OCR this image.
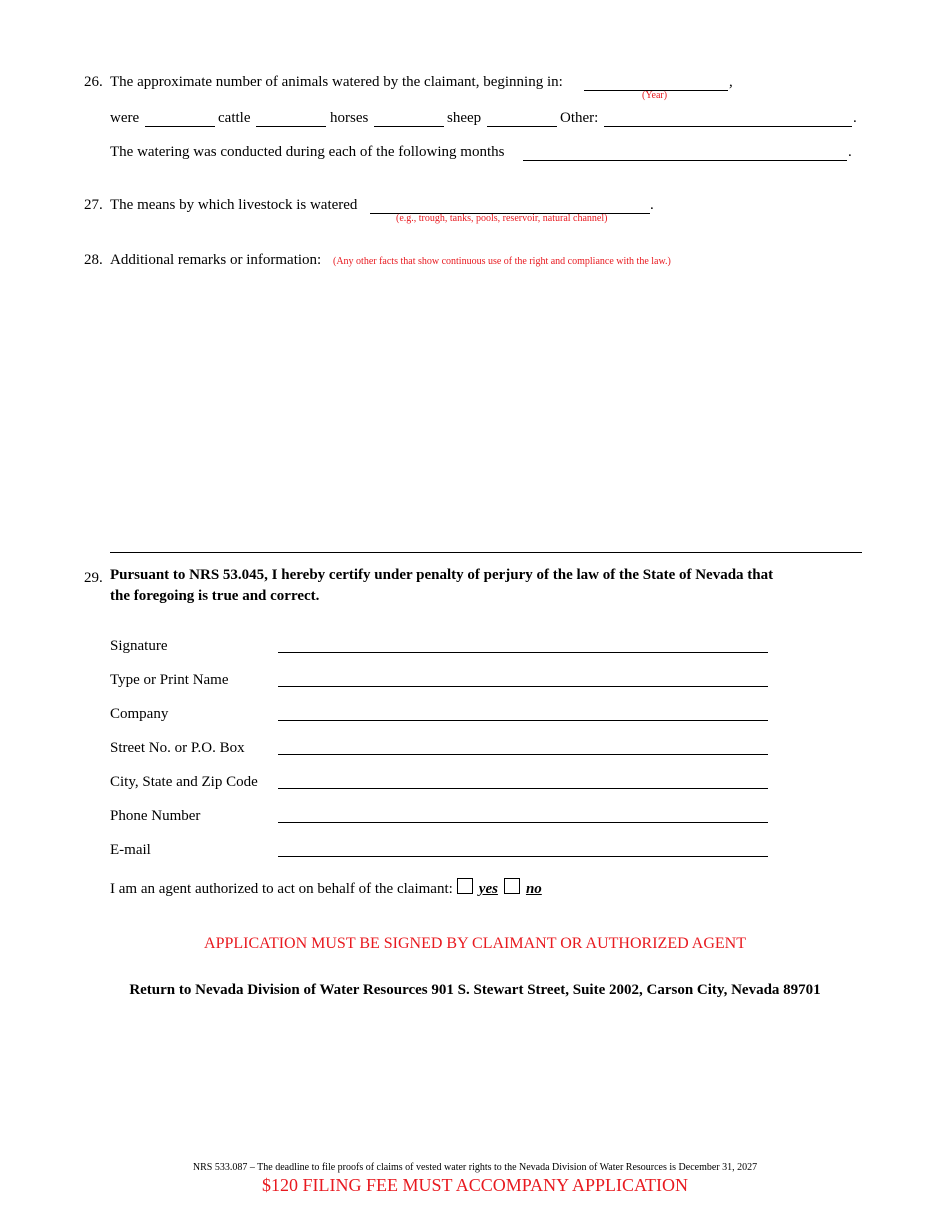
26. The approximate number of animals watered by the claimant, beginning in:	,
(Year)
were	cattle	horses	sheep	Other:	.
The watering was conducted during each of the following months	.
27. The means by which livestock is watered	.
(e.g., trough, tanks, pools, reservoir, natural channel)
28. Additional remarks or information: (Any other facts that show continuous use of the right and compliance with the law.)
29. Pursuant to NRS 53.045, I hereby certify under penalty of perjury of the law of the State of Nevada that
the foregoing is true and correct.
Signature
Type or Print Name
Company
Street No. or P.O. Box
City, State and Zip Code
Phone Number
E-mail
I am an agent authorized to act on behalf of the claimant: yes no
APPLICATION MUST BE SIGNED BY CLAIMANT OR AUTHORIZED AGENT
Return to Nevada Division of Water Resources 901 S. Stewart Street, Suite 2002, Carson City, Nevada 89701
NRS 533.087 – The deadline to file proofs of claims of vested water rights to the Nevada Division of Water Resources is December 31, 2027
$120 FILING FEE MUST ACCOMPANY APPLICATION
